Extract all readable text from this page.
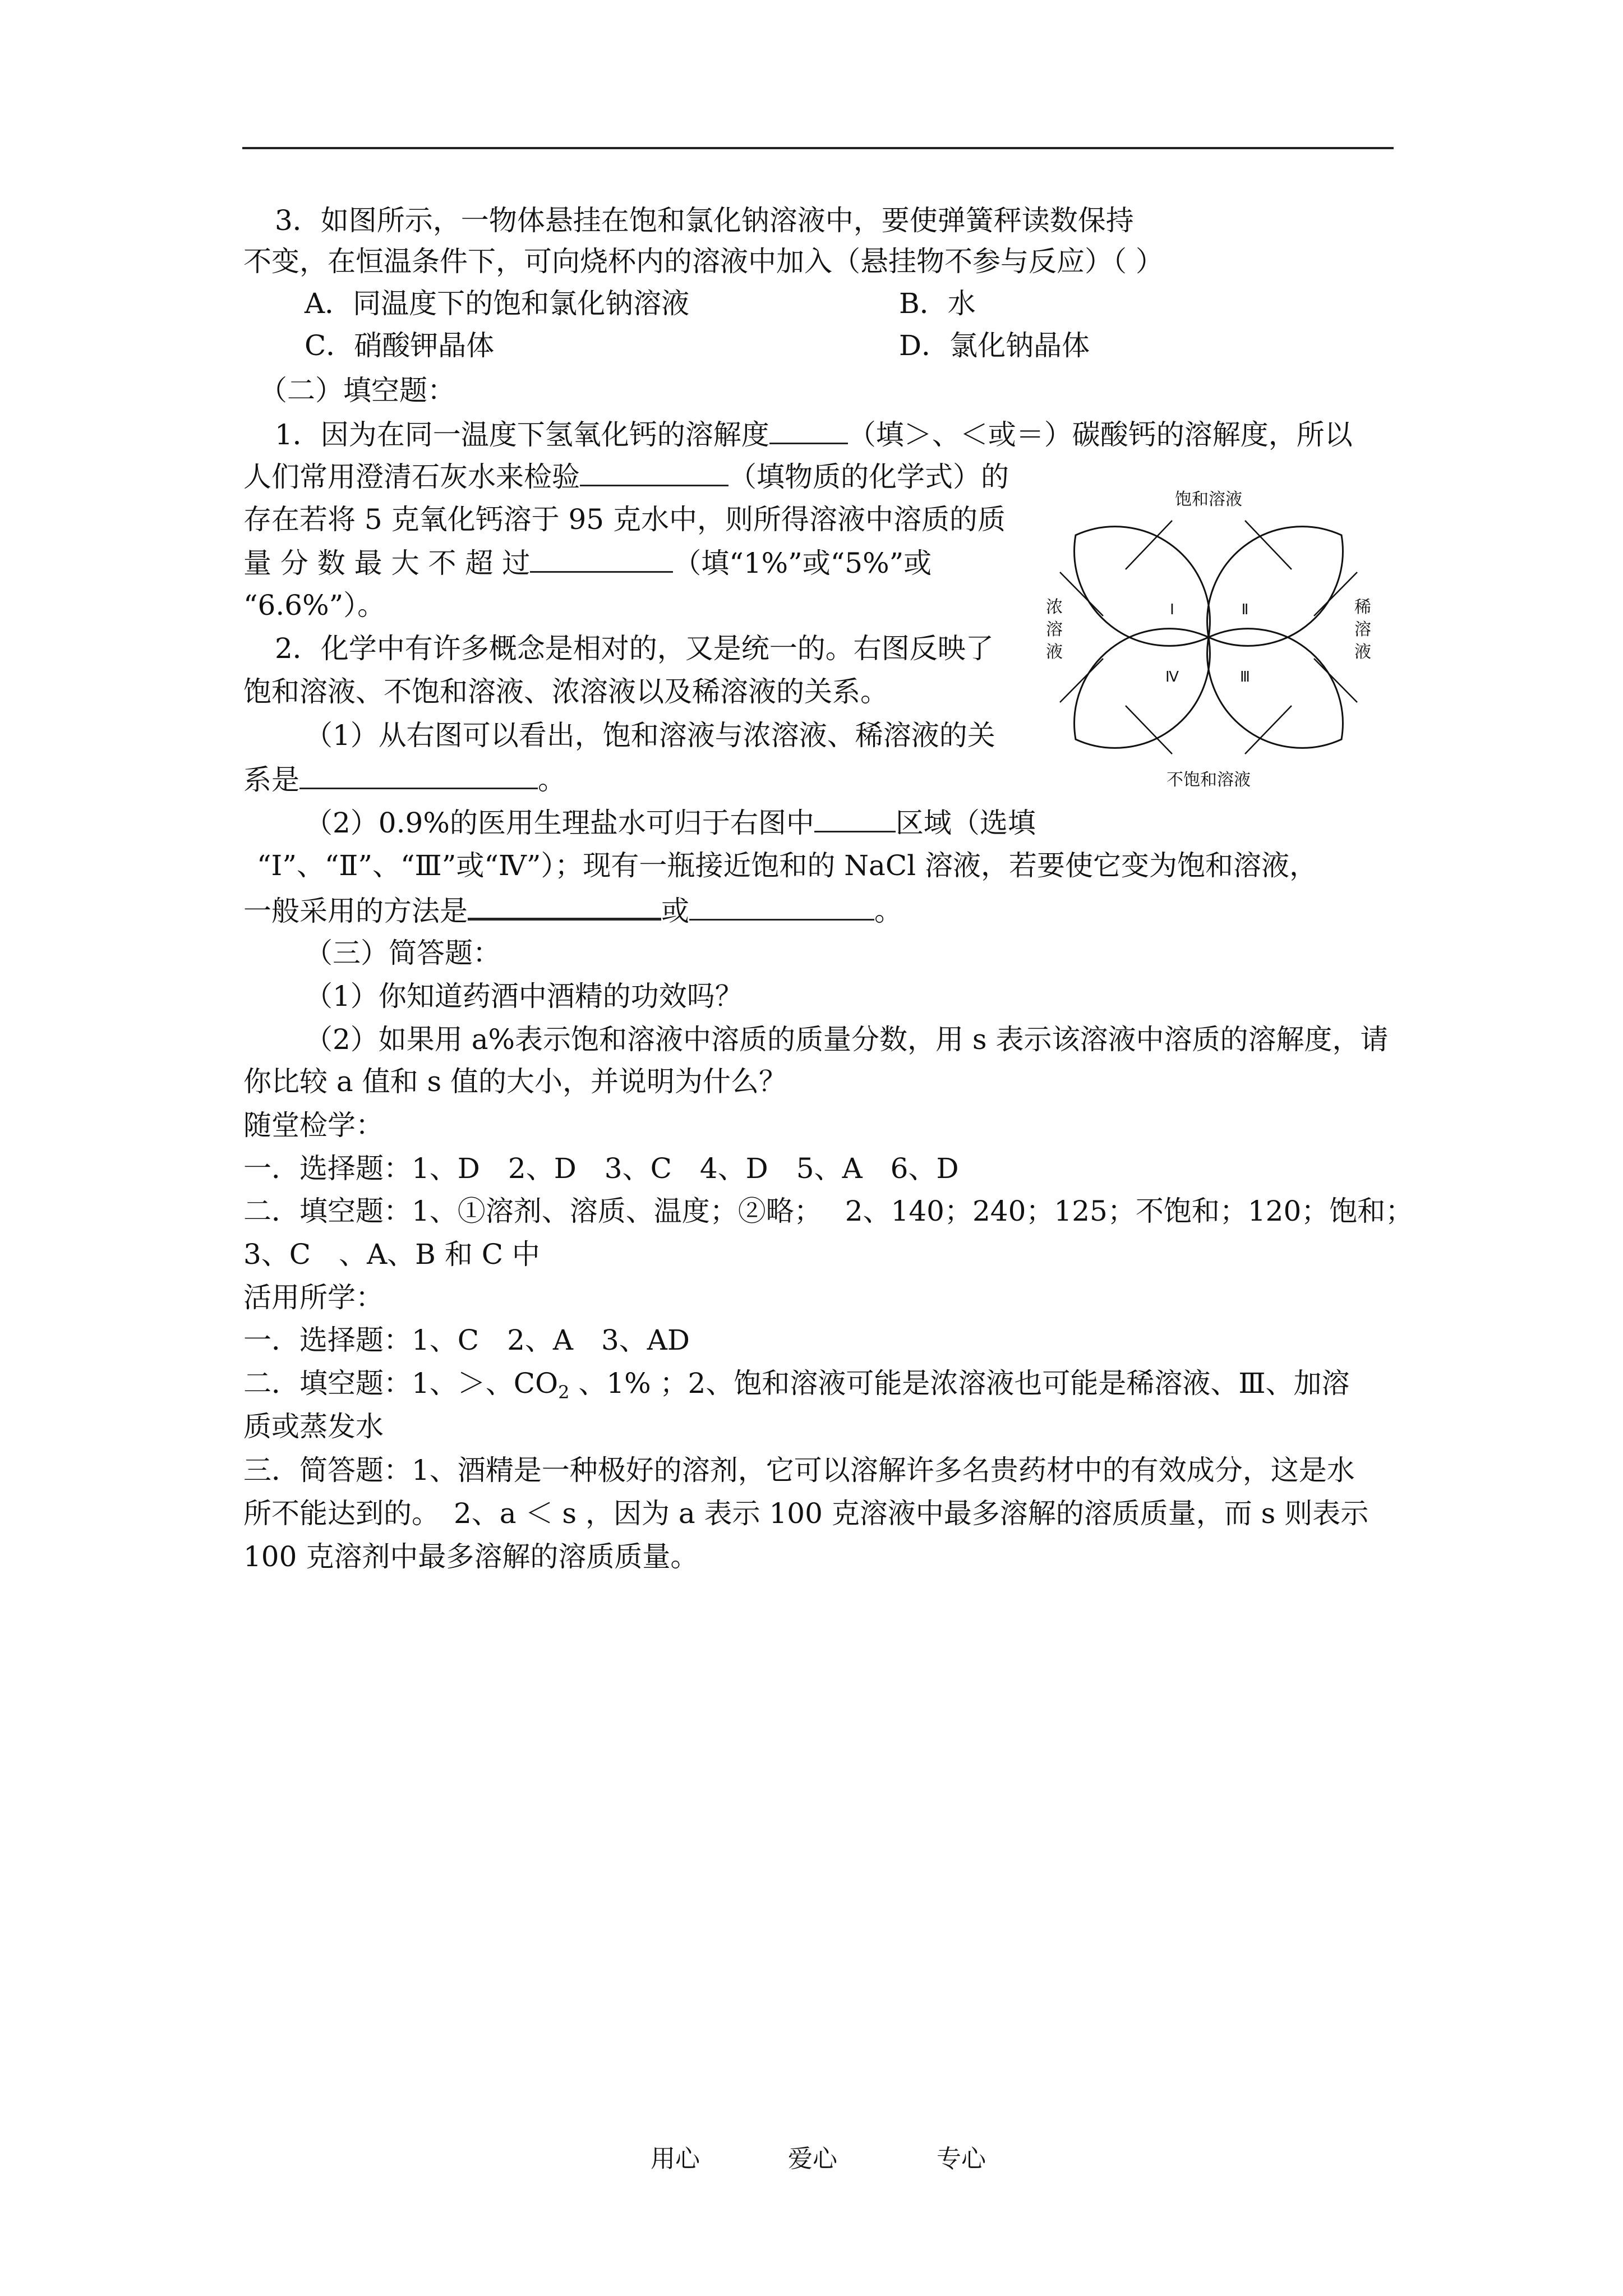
3．如图所示，一物体悬挂在饱和氯化钠溶液中，要使弹簧秤读数保持
不变，在恒温条件下，可向烧杯内的溶液中加入（悬挂物不参与反应）（ ）
A．同温度下的饱和氯化钠溶液	B．水
C．硝酸钾晶体	D．氯化钠晶体
（二）填空题：
1．因为在同一温度下氢氧化钙的溶解度	（填＞、＜或＝）碳酸钙的溶解度，所以
人们常用澄清石灰水来检验	（填物质的化学式）的
存在若将 5 克氧化钙溶于 95 克水中，则所得溶液中溶质的质
量 分 数 最 大 不 超 过	（填“1%”或“5%”或
“6.6%”）。
2．化学中有许多概念是相对的，又是统一的。右图反映了
饱和溶液、不饱和溶液、浓溶液以及稀溶液的关系。
（1）从右图可以看出，饱和溶液与浓溶液、稀溶液的关
系是	。
（2）0.9%的医用生理盐水可归于右图中	区域（选填
“Ⅰ”、“Ⅱ”、“Ⅲ”或“Ⅳ”）；现有一瓶接近饱和的 NaCl 溶液，若要使它变为饱和溶液，
一般采用的方法是	或	。
饱和溶液
不饱和溶液
浓
溶
液
稀
溶
液
Ⅰ	Ⅱ
Ⅲ
Ⅳ
（三）简答题：
（1）你知道药酒中酒精的功效吗？
（2）如果用 a%表示饱和溶液中溶质的质量分数，用 s 表示该溶液中溶质的溶解度，请
你比较 a 值和 s 值的大小，并说明为什么？
随堂检学：
一．选择题：1、D　2、D　3、C　4、D　5、A　6、D
二．填空题：1、①溶剂、溶质、温度；②略；　 2、140；240；125；不饱和；120；饱和；
3、C　、A、B 和 C 中
活用所学：
一．选择题：1、C　2、A　3、AD
二．填空题：1、＞、$CO_2$ 、1% ；2、饱和溶液可能是浓溶液也可能是稀溶液、Ⅲ、加溶
质或蒸发水
三．简答题：1、酒精是一种极好的溶剂，它可以溶解许多名贵药材中的有效成分，这是水
所不能达到的。　2、a ＜ s ，因为 a 表示 100 克溶液中最多溶解的溶质质量，而 s 则表示
100 克溶剂中最多溶解的溶质质量。
用心	爱心	专心
